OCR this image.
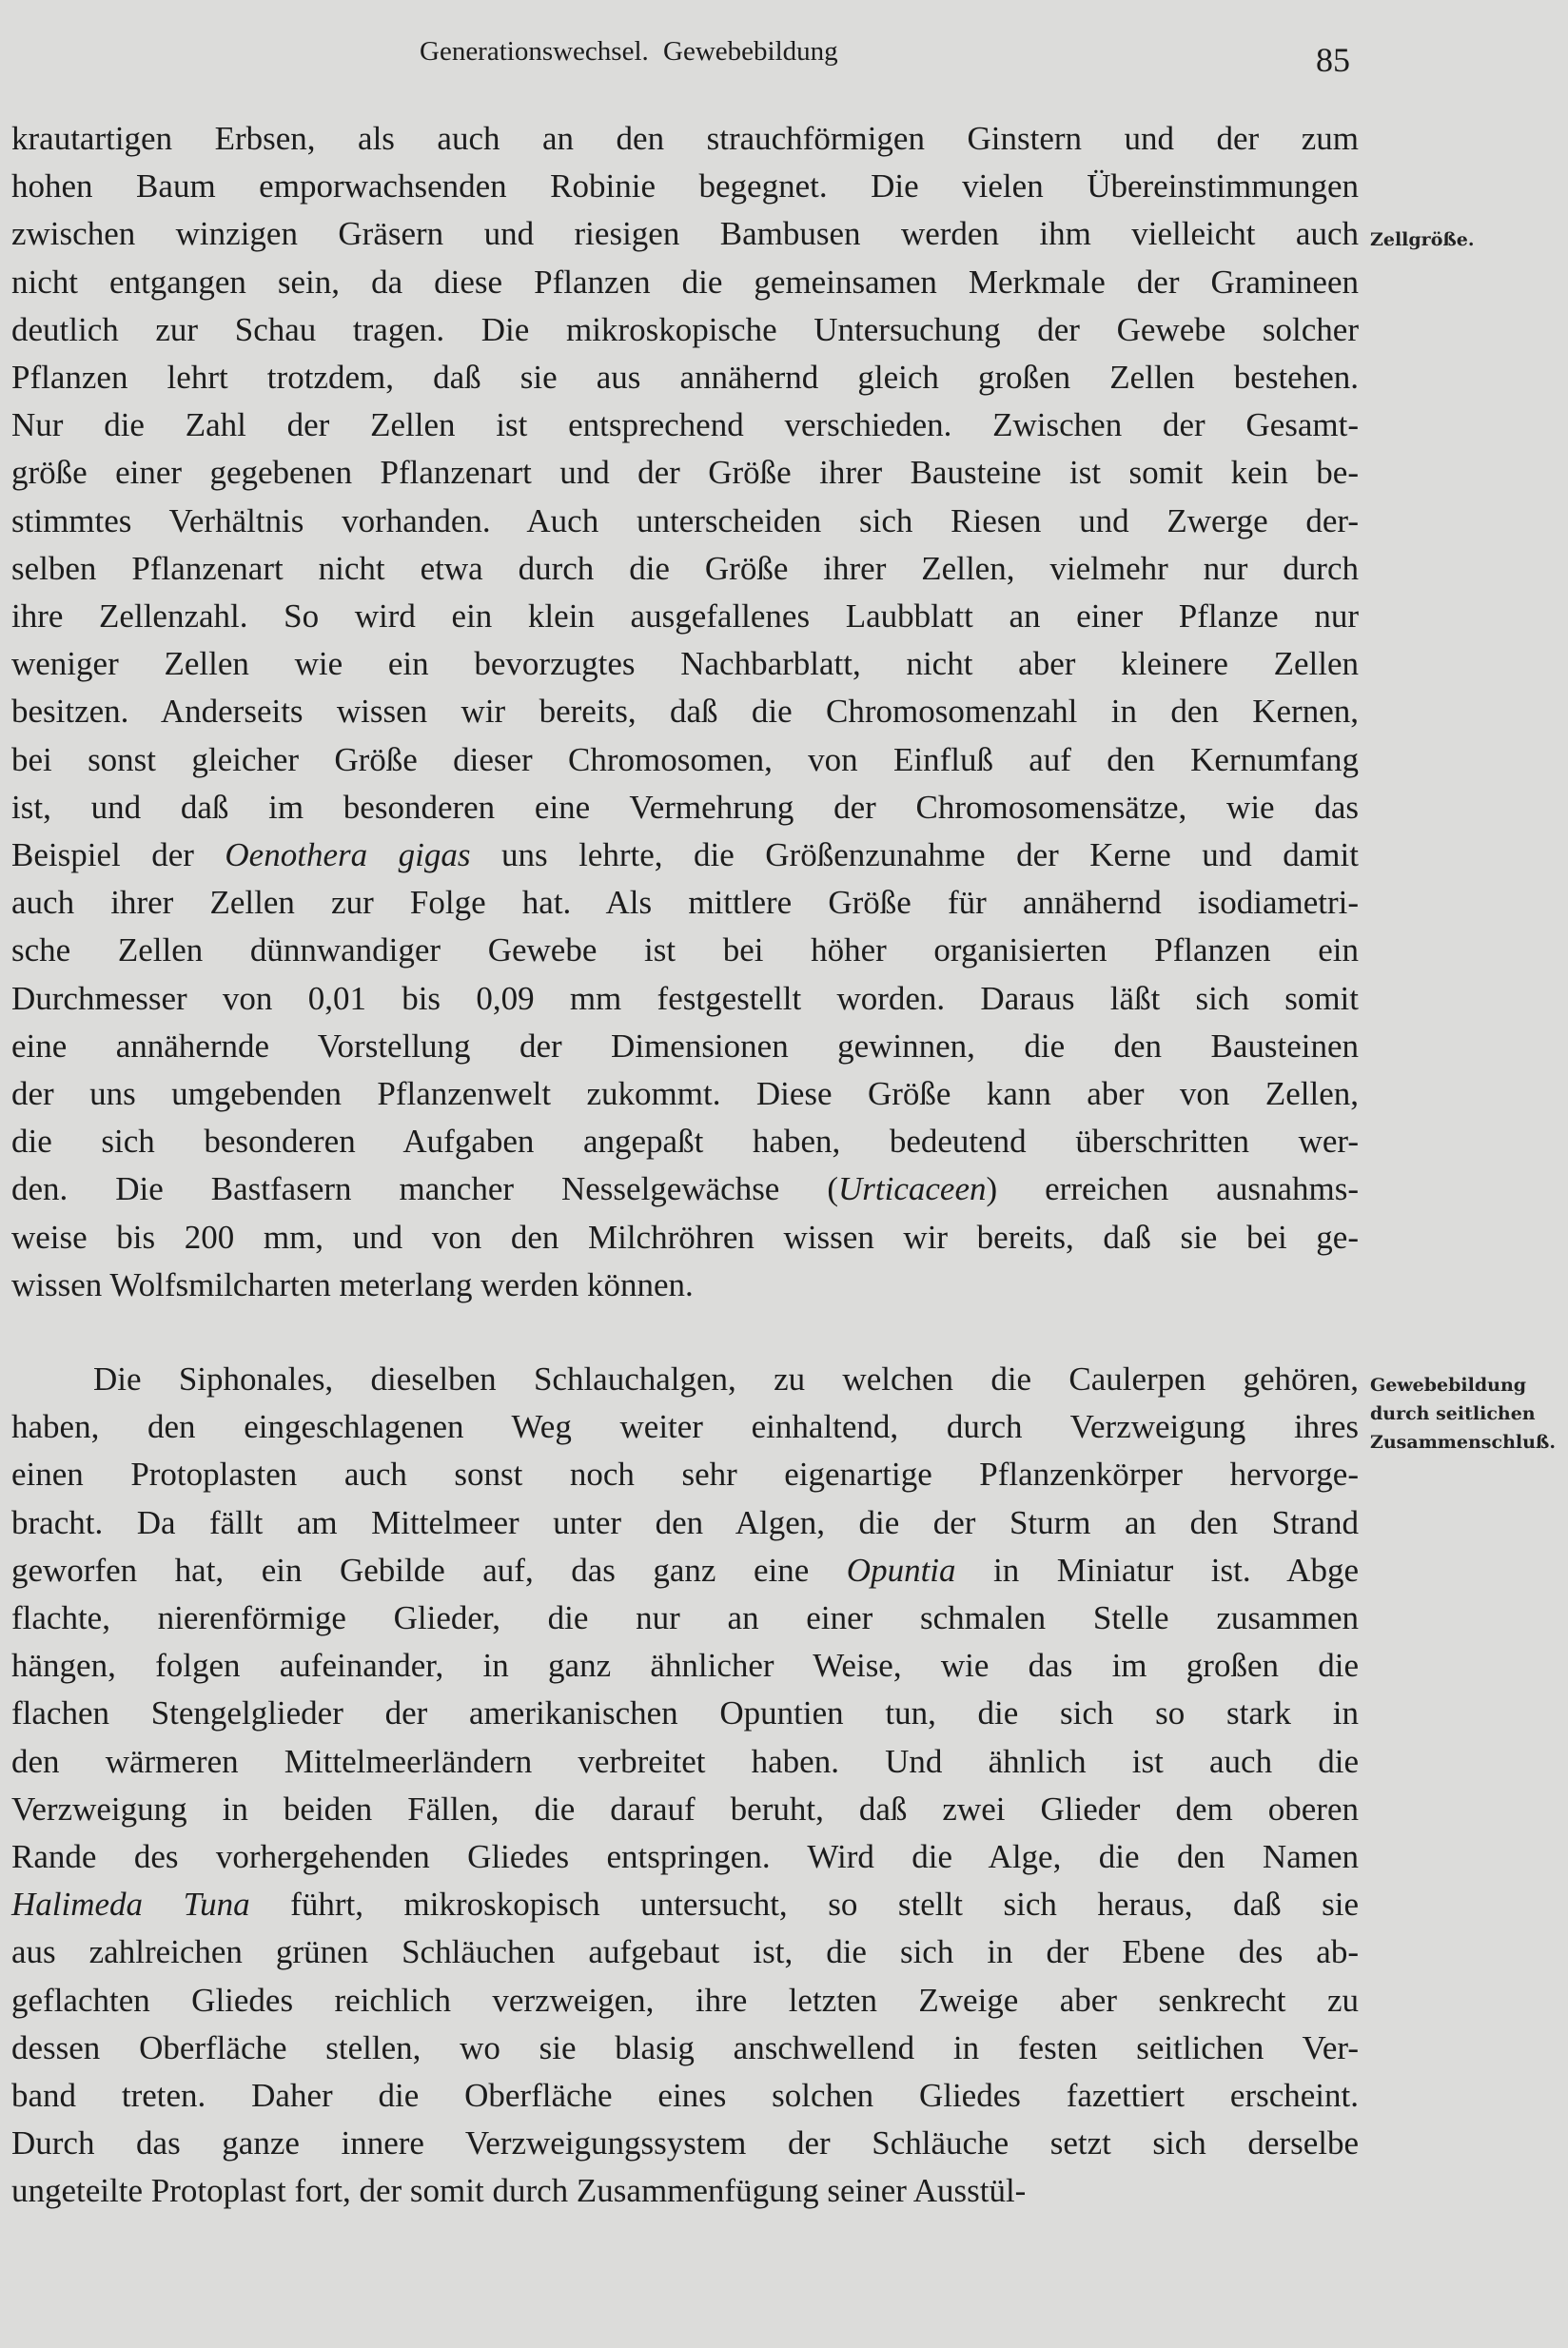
Generationswechsel. Gewebebildung	85
krautartigen Erbsen, als auch an den strauchförmigen Ginstern und der zum
hohen Baum emporwachsenden Robinie begegnet. Die vielen Übereinstimmungen
zwischen winzigen Gräsern und riesigen Bambusen werden ihm vielleicht auch
nicht entgangen sein, da diese Pflanzen die gemeinsamen Merkmale der Gramineen
deutlich zur Schau tragen. Die mikroskopische Untersuchung der Gewebe solcher
Pflanzen lehrt trotzdem, daß sie aus annähernd gleich großen Zellen bestehen.
Nur die Zahl der Zellen ist entsprechend verschieden. Zwischen der Gesamt-
größe einer gegebenen Pflanzenart und der Größe ihrer Bausteine ist somit kein be-
stimmtes Verhältnis vorhanden. Auch unterscheiden sich Riesen und Zwerge der-
selben Pflanzenart nicht etwa durch die Größe ihrer Zellen, vielmehr nur durch
ihre Zellenzahl. So wird ein klein ausgefallenes Laubblatt an einer Pflanze nur
weniger Zellen wie ein bevorzugtes Nachbarblatt, nicht aber kleinere Zellen
besitzen. Anderseits wissen wir bereits, daß die Chromosomenzahl in den Kernen,
bei sonst gleicher Größe dieser Chromosomen, von Einfluß auf den Kernumfang
ist, und daß im besonderen eine Vermehrung der Chromosomensätze, wie das
Beispiel der Oenothera gigas uns lehrte, die Größenzunahme der Kerne und damit
auch ihrer Zellen zur Folge hat. Als mittlere Größe für annähernd isodiametri-
sche Zellen dünnwandiger Gewebe ist bei höher organisierten Pflanzen ein
Durchmesser von 0,01 bis 0,09 mm festgestellt worden. Daraus läßt sich somit
eine annähernde Vorstellung der Dimensionen gewinnen, die den Bausteinen
der uns umgebenden Pflanzenwelt zukommt. Diese Größe kann aber von Zellen,
die sich besonderen Aufgaben angepaßt haben, bedeutend überschritten wer-
den. Die Bastfasern mancher Nesselgewächse (Urticaceen) erreichen ausnahms-
weise bis 200 mm, und von den Milchröhren wissen wir bereits, daß sie bei ge-
wissen Wolfsmilcharten meterlang werden können.
Die Siphonales, dieselben Schlauchalgen, zu welchen die Caulerpen gehören,
haben, den eingeschlagenen Weg weiter einhaltend, durch Verzweigung ihres
einen Protoplasten auch sonst noch sehr eigenartige Pflanzenkörper hervorge-
bracht. Da fällt am Mittelmeer unter den Algen, die der Sturm an den Strand
geworfen hat, ein Gebilde auf, das ganz eine Opuntia in Miniatur ist. Abge
flachte, nierenförmige Glieder, die nur an einer schmalen Stelle zusammen
hängen, folgen aufeinander, in ganz ähnlicher Weise, wie das im großen die
flachen Stengelglieder der amerikanischen Opuntien tun, die sich so stark in
den wärmeren Mittelmeerländern verbreitet haben. Und ähnlich ist auch die
Verzweigung in beiden Fällen, die darauf beruht, daß zwei Glieder dem oberen
Rande des vorhergehenden Gliedes entspringen. Wird die Alge, die den Namen
Halimeda Tuna führt, mikroskopisch untersucht, so stellt sich heraus, daß sie
aus zahlreichen grünen Schläuchen aufgebaut ist, die sich in der Ebene des ab-
geflachten Gliedes reichlich verzweigen, ihre letzten Zweige aber senkrecht zu
dessen Oberfläche stellen, wo sie blasig anschwellend in festen seitlichen Ver-
band treten. Daher die Oberfläche eines solchen Gliedes fazettiert erscheint.
Durch das ganze innere Verzweigungssystem der Schläuche setzt sich derselbe
ungeteilte Protoplast fort, der somit durch Zusammenfügung seiner Ausstül-
Zellgröße.
Gewebebildung
durch seitlichen
Zusammenschluß.
